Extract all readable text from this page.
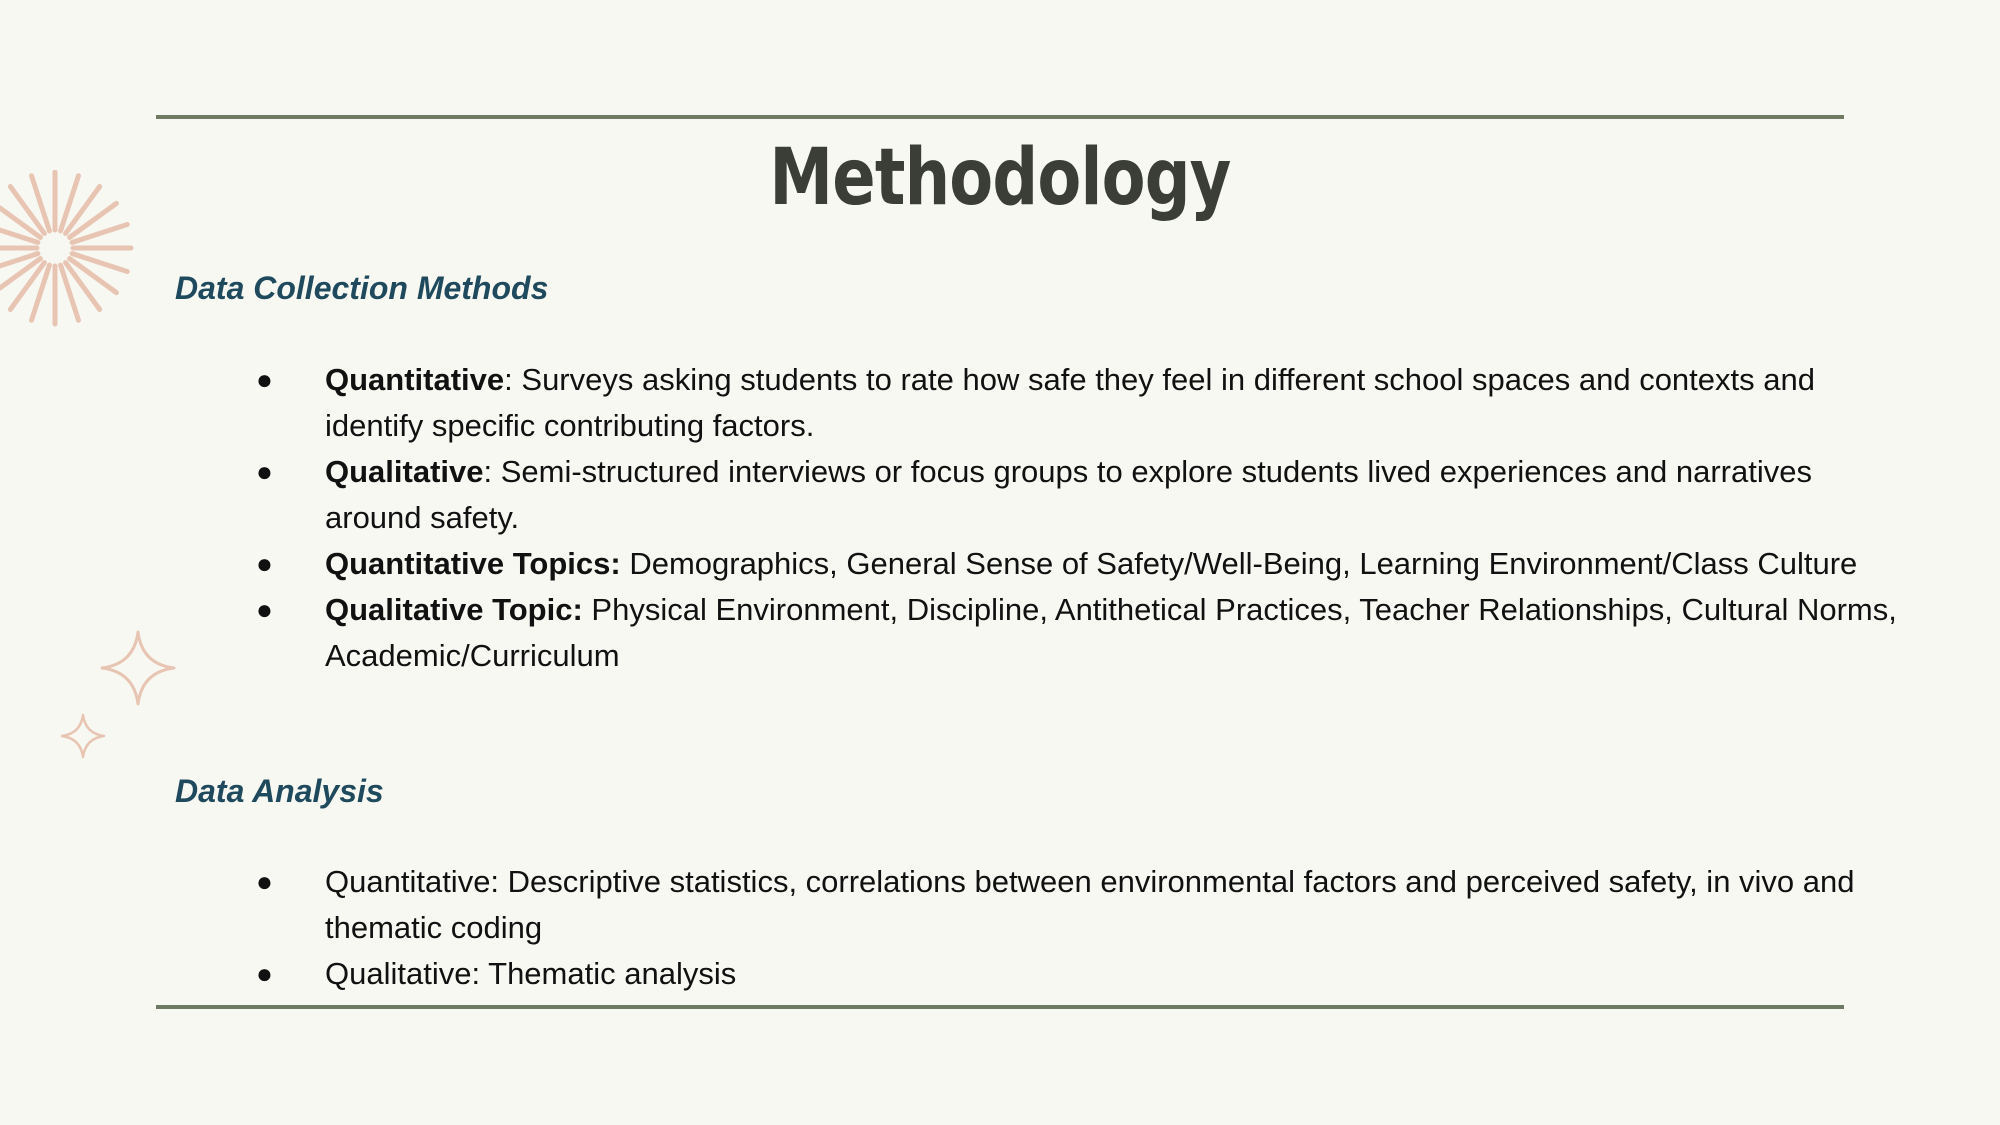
Methodology
Data Collection Methods
● Quantitative: Surveys asking students to rate how safe they feel in different school spaces and contexts and identify specific contributing factors.
● Qualitative: Semi-structured interviews or focus groups to explore students lived experiences and narratives around safety.
● Quantitative Topics: Demographics, General Sense of Safety/Well-Being, Learning Environment/Class Culture
● Qualitative Topic: Physical Environment, Discipline, Antithetical Practices, Teacher Relationships, Cultural Norms, Academic/Curriculum
Data Analysis
● Quantitative: Descriptive statistics, correlations between environmental factors and perceived safety, in vivo and thematic coding
● Qualitative: Thematic analysis
